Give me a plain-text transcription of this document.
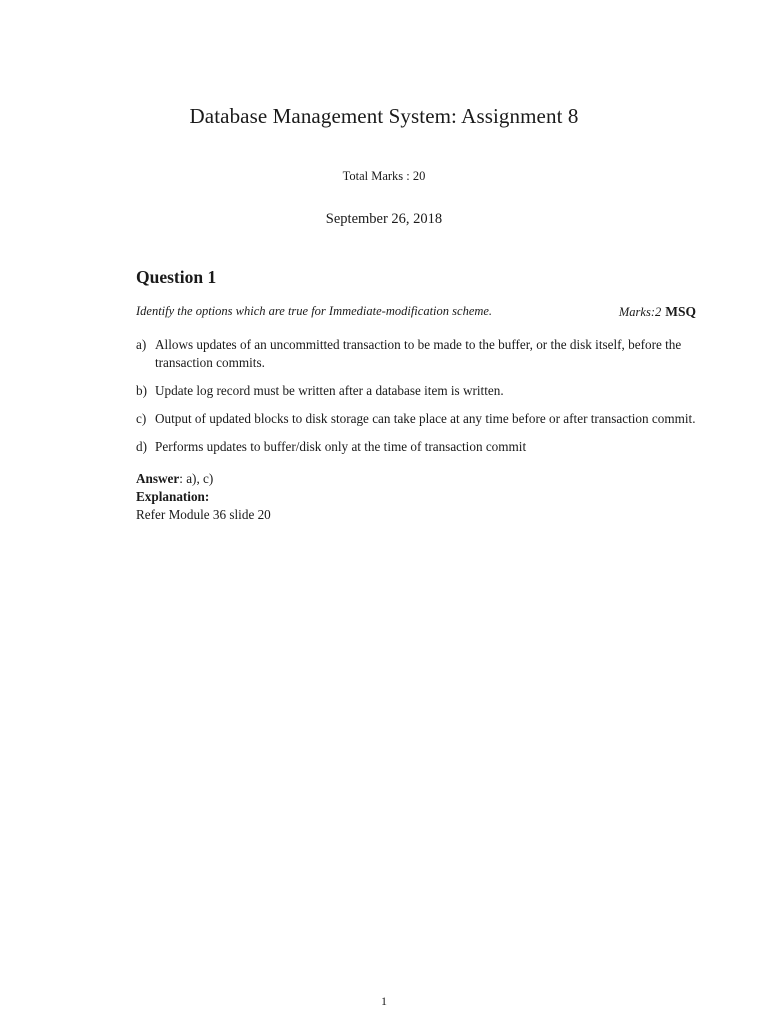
Database Management System: Assignment 8
Total Marks : 20
September 26, 2018
Question 1
Identify the options which are true for Immediate-modification scheme.	Marks:2 MSQ
a) Allows updates of an uncommitted transaction to be made to the buffer, or the disk itself, before the transaction commits.
b) Update log record must be written after a database item is written.
c) Output of updated blocks to disk storage can take place at any time before or after transaction commit.
d) Performs updates to buffer/disk only at the time of transaction commit
Answer: a), c)
Explanation:
Refer Module 36 slide 20
1
